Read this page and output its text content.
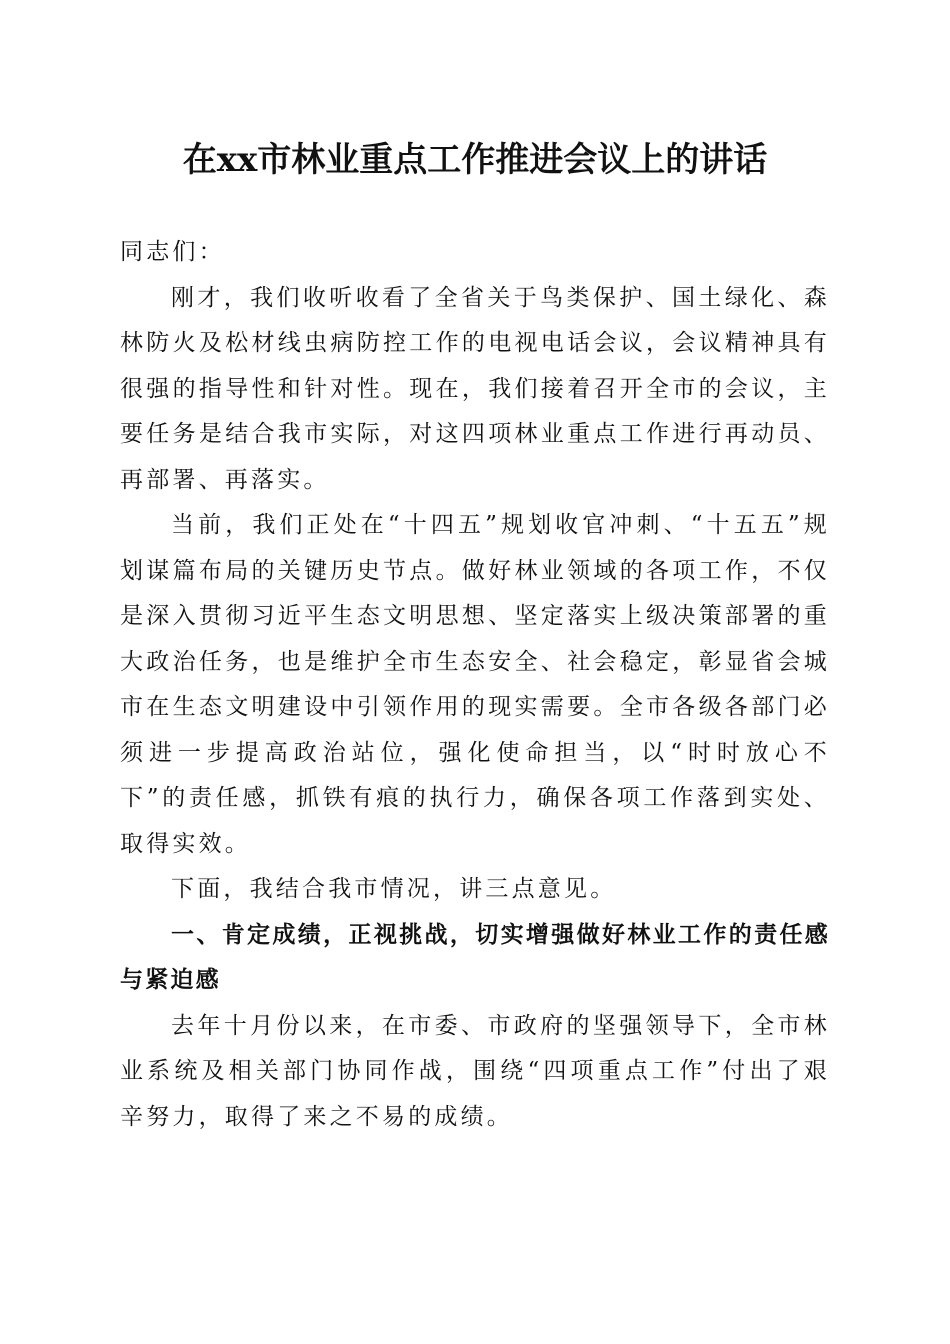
在xx市林业重点工作推进会议上的讲话

同志们：

刚才，我们收听收看了全省关于鸟类保护、国土绿化、森林防火及松材线虫病防控工作的电视电话会议，会议精神具有很强的指导性和针对性。现在，我们接着召开全市的会议，主要任务是结合我市实际，对这四项林业重点工作进行再动员、再部署、再落实。

当前，我们正处在“十四五”规划收官冲刺、“十五五”规划谋篇布局的关键历史节点。做好林业领域的各项工作，不仅是深入贯彻习近平生态文明思想、坚定落实上级决策部署的重大政治任务，也是维护全市生态安全、社会稳定，彰显省会城市在生态文明建设中引领作用的现实需要。全市各级各部门必须进一步提高政治站位，强化使命担当，以“时时放心不下”的责任感，抓铁有痕的执行力，确保各项工作落到实处、取得实效。

下面，我结合我市情况，讲三点意见。

一、肯定成绩，正视挑战，切实增强做好林业工作的责任感与紧迫感

去年十月份以来，在市委、市政府的坚强领导下，全市林业系统及相关部门协同作战，围绕“四项重点工作”付出了艰辛努力，取得了来之不易的成绩。
